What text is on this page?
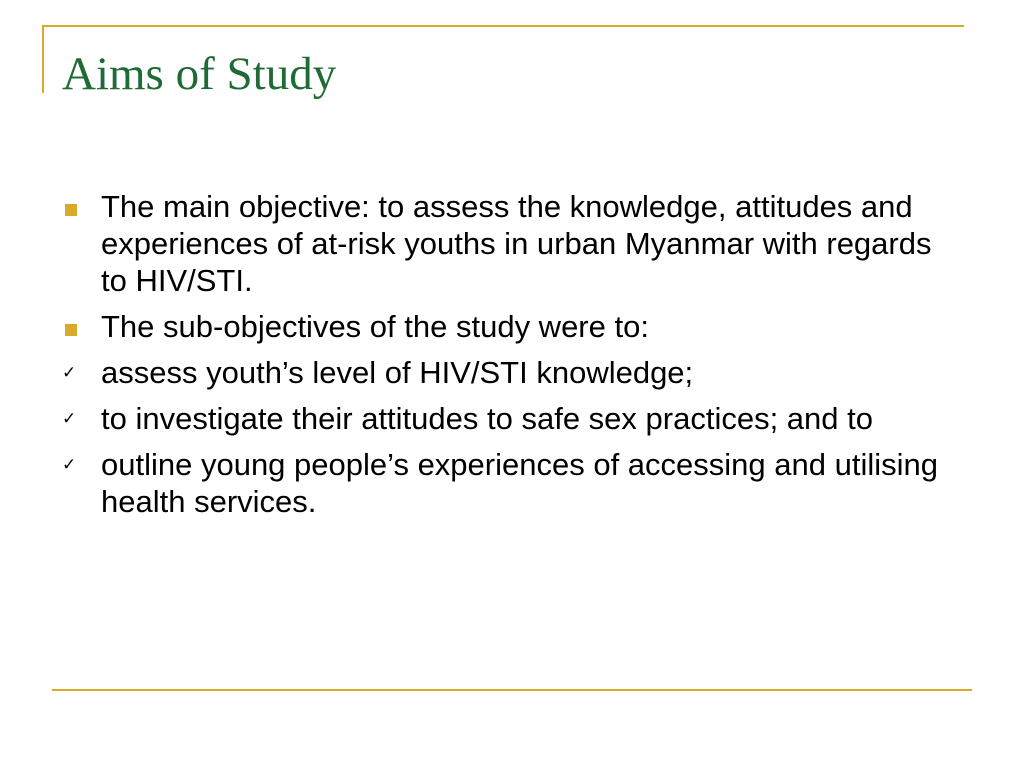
Aims of Study
The main objective: to assess the knowledge, attitudes and experiences of at-risk youths in urban Myanmar with regards to HIV/STI.
The sub-objectives of the study were to:
✓ assess youth’s level of HIV/STI knowledge;
✓ to investigate their attitudes to safe sex practices; and to
✓ outline young people’s experiences of accessing and utilising health services.
